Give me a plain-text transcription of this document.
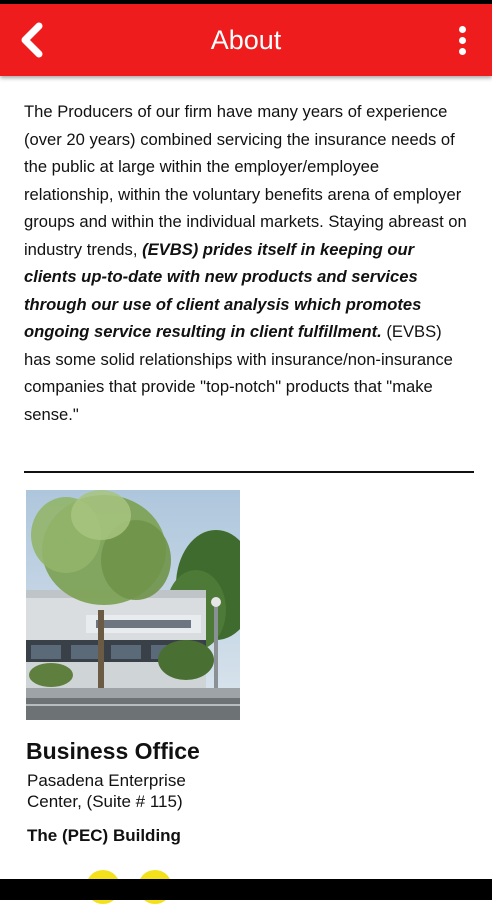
About

The Producers of our firm have many years of experience (over 20 years) combined servicing the insurance needs of the public at large within the employer/employee relationship, within the voluntary benefits arena of employer groups and within the individual markets. Staying abreast on industry trends, (EVBS) prides itself in keeping our clients up-to-date with new products and services through our use of client analysis which promotes ongoing service resulting in client fulfillment. (EVBS) has some solid relationships with insurance/non-insurance companies that provide "top-notch" products that "make sense."

Business Office

Pasadena Enterprise Center, (Suite # 115)

The (PEC) Building
